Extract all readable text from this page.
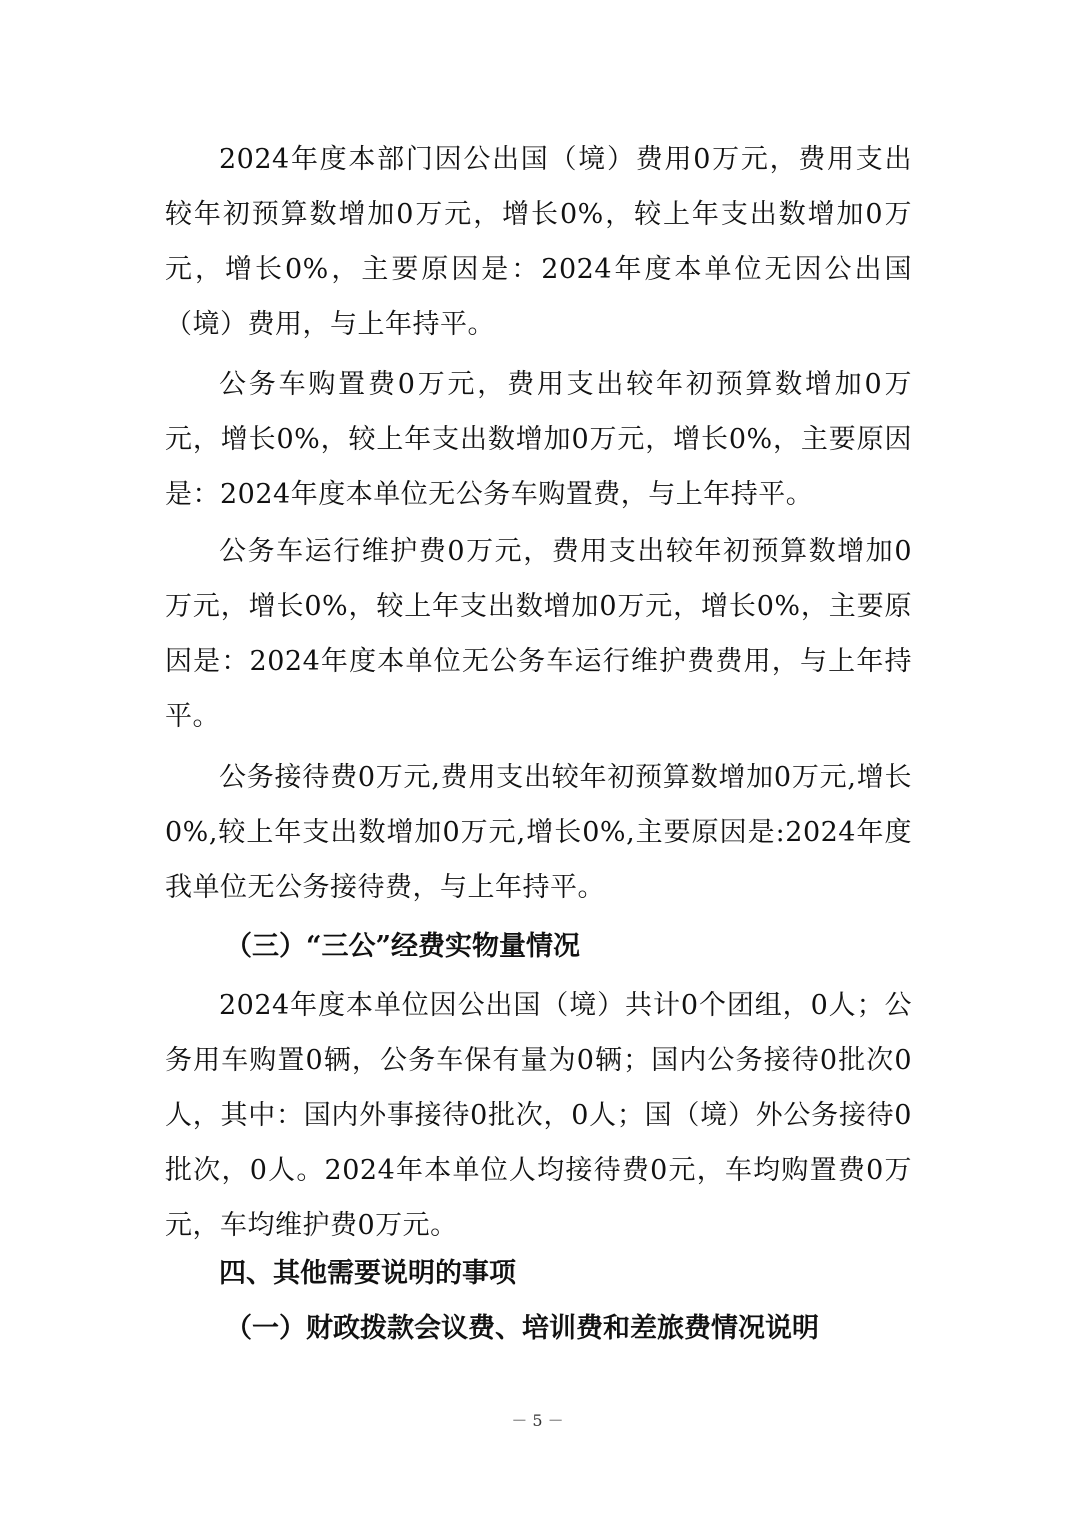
2024年度本部门因公出国（境）费用0万元，费用支出较年初预算数增加0万元，增长0%，较上年支出数增加0万元，增长0%，主要原因是：2024年度本单位无因公出国（境）费用，与上年持平。

公务车购置费0万元，费用支出较年初预算数增加0万元，增长0%，较上年支出数增加0万元，增长0%，主要原因是：2024年度本单位无公务车购置费，与上年持平。

公务车运行维护费0万元，费用支出较年初预算数增加0万元，增长0%，较上年支出数增加0万元，增长0%，主要原因是：2024年度本单位无公务车运行维护费费用，与上年持平。

公务接待费0万元,费用支出较年初预算数增加0万元,增长0%,较上年支出数增加0万元,增长0%,主要原因是:2024年度我单位无公务接待费，与上年持平。

（三）“三公”经费实物量情况

2024年度本单位因公出国（境）共计0个团组，0人；公务用车购置0辆，公务车保有量为0辆；国内公务接待0批次0人，其中：国内外事接待0批次，0人；国（境）外公务接待0批次，0人。2024年本单位人均接待费0元，车均购置费0万元，车均维护费0万元。

四、其他需要说明的事项
（一）财政拨款会议费、培训费和差旅费情况说明
－ 5 －
